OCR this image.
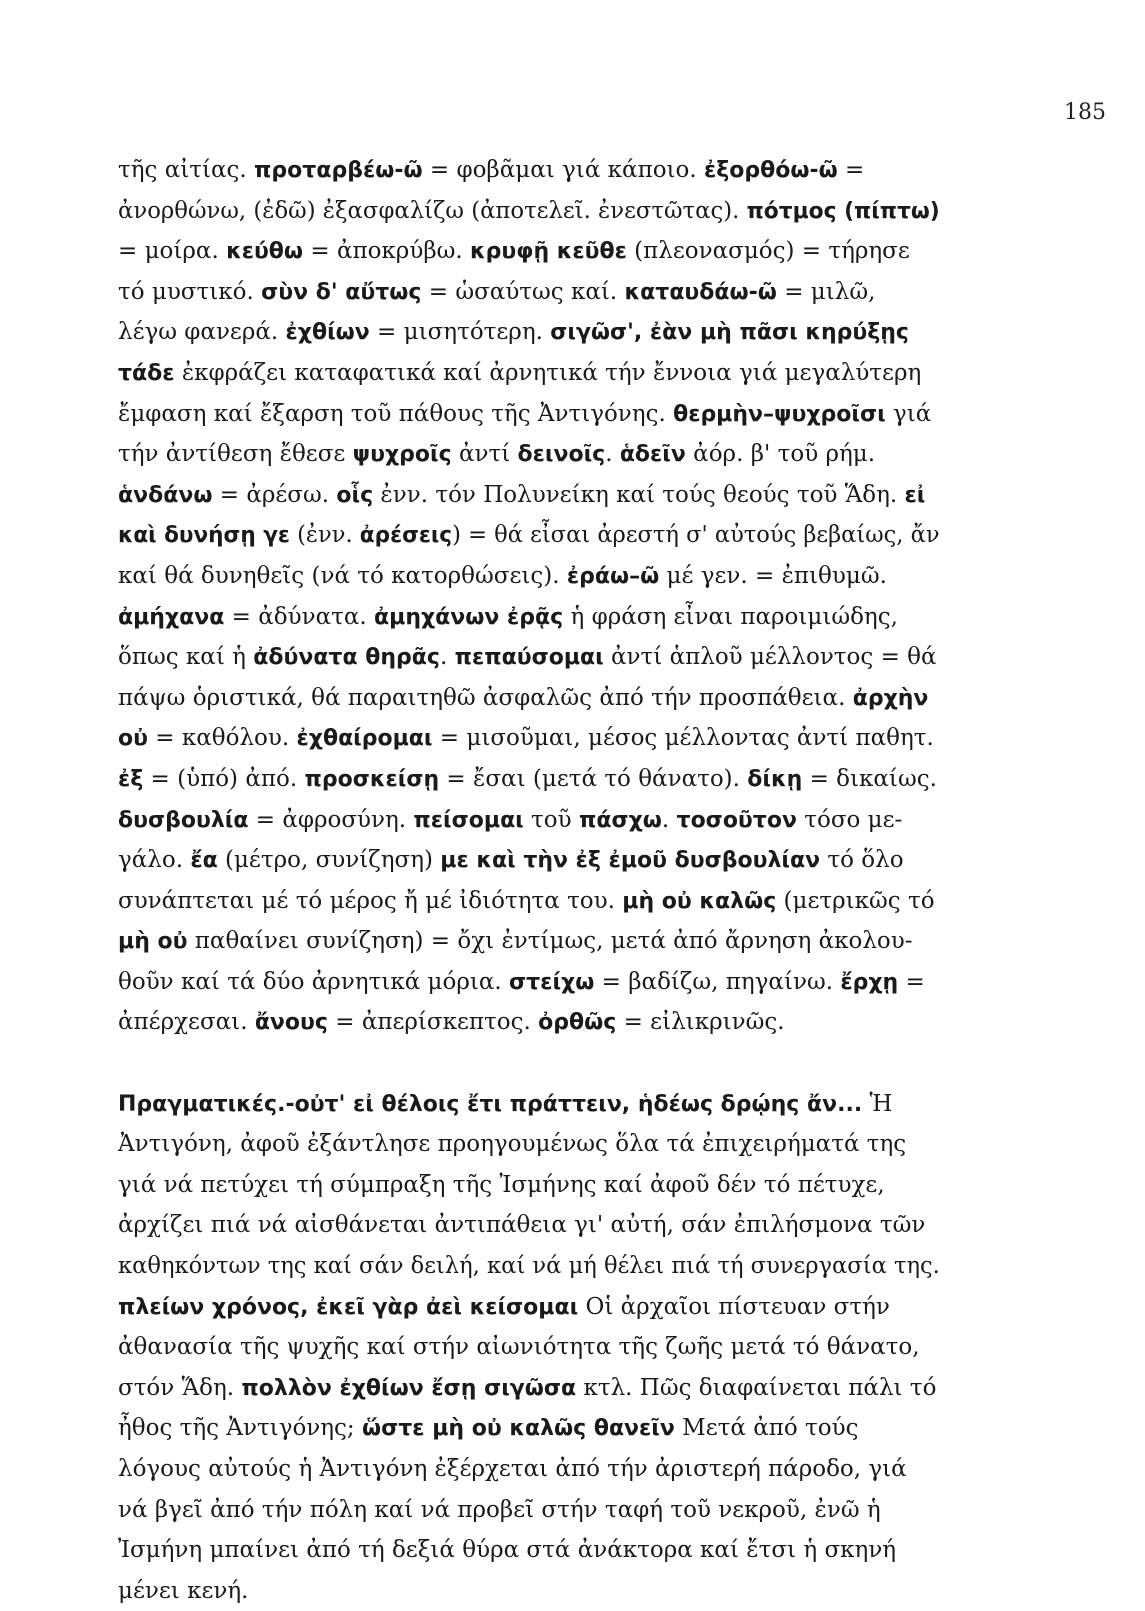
185
τῆς αἰτίας. προταρβέω-ῶ = φοβᾶμαι γιά κάποιο. ἐξορθόω-ῶ =
ἀνορθώνω, (ἐδῶ) ἐξασφαλίζω (ἀποτελεῖ. ἐνεστῶτας). πότμος (πίπτω)
= μοίρα. κεύθω = ἀποκρύβω. κρυφῇ κεῦθε (πλεονασμός) = τήρησε
τό μυστικό. σὺν δ' αὔτως = ὡσαύτως καί. καταυδάω-ῶ = μιλῶ,
λέγω φανερά. ἐχθίων = μισητότερη. σιγῶσ', ἐὰν μὴ πᾶσι κηρύξῃς
τάδε ἐκφράζει καταφατικά καί ἀρνητικά τήν ἔννοια γιά μεγαλύτερη
ἔμφαση καί ἔξαρση τοῦ πάθους τῆς Ἀντιγόνης. θερμὴν–ψυχροῖσι γιά
τήν ἀντίθεση ἔθεσε ψυχροῖς ἀντί δεινοῖς. ἁδεῖν ἀόρ. β' τοῦ ρήμ.
ἁνδάνω = ἀρέσω. οἷς ἐνν. τόν Πολυνείκη καί τούς θεούς τοῦ Ἅδη. εἰ
καὶ δυνήσῃ γε (ἐνν. ἀρέσεις) = θά εἶσαι ἀρεστή σ' αὐτούς βεβαίως, ἄν
καί θά δυνηθεῖς (νά τό κατορθώσεις). ἐράω–ῶ μέ γεν. = ἐπιθυμῶ.
ἀμήχανα = ἀδύνατα. ἀμηχάνων ἐρᾷς ἡ φράση εἶναι παροιμιώδης,
ὅπως καί ἡ ἀδύνατα θηρᾶς. πεπαύσομαι ἀντί ἁπλοῦ μέλλοντος = θά
πάψω ὁριστικά, θά παραιτηθῶ ἀσφαλῶς ἀπό τήν προσπάθεια. ἀρχὴν
οὐ = καθόλου. ἐχθαίρομαι = μισοῦμαι, μέσος μέλλοντας ἀντί παθητ.
ἐξ = (ὑπό) ἀπό. προσκείσῃ = ἔσαι (μετά τό θάνατο). δίκῃ = δικαίως.
δυσβουλία = ἀφροσύνη. πείσομαι τοῦ πάσχω. τοσοῦτον τόσο με-
γάλο. ἔα (μέτρο, συνίζηση) με καὶ τὴν ἐξ ἐμοῦ δυσβουλίαν τό ὅλο
συνάπτεται μέ τό μέρος ἤ μέ ἰδιότητα του. μὴ οὐ καλῶς (μετρικῶς τό
μὴ οὐ παθαίνει συνίζηση) = ὄχι ἐντίμως, μετά ἀπό ἄρνηση ἀκολου-
θοῦν καί τά δύο ἀρνητικά μόρια. στείχω = βαδίζω, πηγαίνω. ἔρχῃ =
ἀπέρχεσαι. ἄνους = ἀπερίσκεπτος. ὀρθῶς = εἰλικρινῶς.
Πραγματικές.-οὐτ' εἰ θέλοις ἔτι πράττειν, ἡδέως δρῴης ἄν... Ἡ
Ἀντιγόνη, ἀφοῦ ἐξάντλησε προηγουμένως ὅλα τά ἐπιχειρήματά της
γιά νά πετύχει τή σύμπραξη τῆς Ἰσμήνης καί ἀφοῦ δέν τό πέτυχε,
ἀρχίζει πιά νά αἰσθάνεται ἀντιπάθεια γι' αὐτή, σάν ἐπιλήσμονα τῶν
καθηκόντων της καί σάν δειλή, καί νά μή θέλει πιά τή συνεργασία της.
πλείων χρόνος, ἐκεῖ γὰρ ἀεὶ κείσομαι Οἱ ἀρχαῖοι πίστευαν στήν
ἀθανασία τῆς ψυχῆς καί στήν αἰωνιότητα τῆς ζωῆς μετά τό θάνατο,
στόν Ἅδη. πολλὸν ἐχθίων ἔσῃ σιγῶσα κτλ. Πῶς διαφαίνεται πάλι τό
ἦθος τῆς Ἀντιγόνης; ὥστε μὴ οὐ καλῶς θανεῖν Μετά ἀπό τούς
λόγους αὐτούς ἡ Ἀντιγόνη ἐξέρχεται ἀπό τήν ἀριστερή πάροδο, γιά
νά βγεῖ ἀπό τήν πόλη καί νά προβεῖ στήν ταφή τοῦ νεκροῦ, ἐνῶ ἡ
Ἰσμήνη μπαίνει ἀπό τή δεξιά θύρα στά ἀνάκτορα καί ἔτσι ἡ σκηνή
μένει κενή.
